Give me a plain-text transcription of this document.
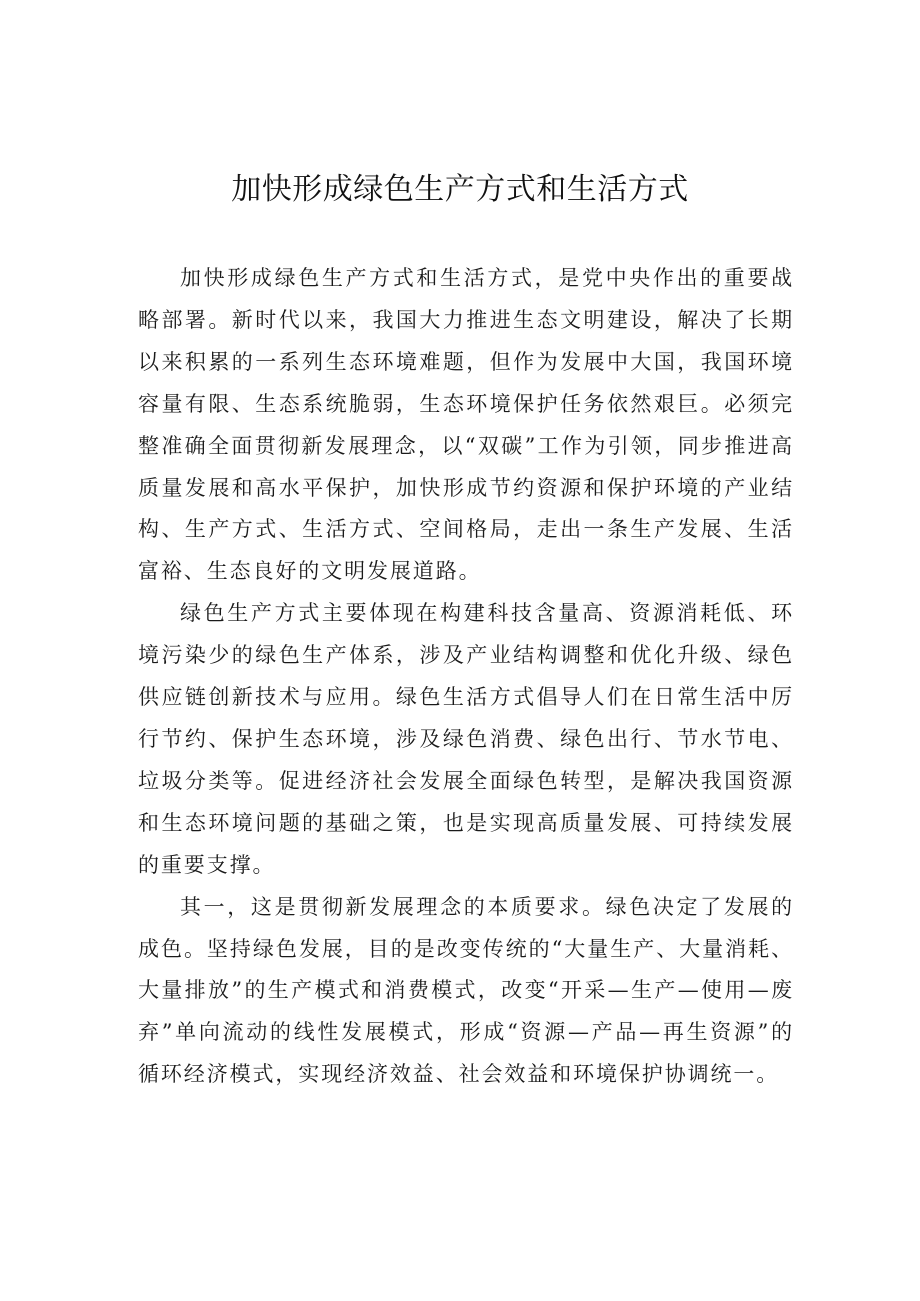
加快形成绿色生产方式和生活方式

加快形成绿色生产方式和生活方式，是党中央作出的重要战略部署。新时代以来，我国大力推进生态文明建设，解决了长期以来积累的一系列生态环境难题，但作为发展中大国，我国环境容量有限、生态系统脆弱，生态环境保护任务依然艰巨。必须完整准确全面贯彻新发展理念，以“双碳”工作为引领，同步推进高质量发展和高水平保护，加快形成节约资源和保护环境的产业结构、生产方式、生活方式、空间格局，走出一条生产发展、生活富裕、生态良好的文明发展道路。

绿色生产方式主要体现在构建科技含量高、资源消耗低、环境污染少的绿色生产体系，涉及产业结构调整和优化升级、绿色供应链创新技术与应用。绿色生活方式倡导人们在日常生活中厉行节约、保护生态环境，涉及绿色消费、绿色出行、节水节电、垃圾分类等。促进经济社会发展全面绿色转型，是解决我国资源和生态环境问题的基础之策，也是实现高质量发展、可持续发展的重要支撑。

其一，这是贯彻新发展理念的本质要求。绿色决定了发展的成色。坚持绿色发展，目的是改变传统的“大量生产、大量消耗、大量排放”的生产模式和消费模式，改变“开采—生产—使用—废弃”单向流动的线性发展模式，形成“资源—产品—再生资源”的循环经济模式，实现经济效益、社会效益和环境保护协调统一。
